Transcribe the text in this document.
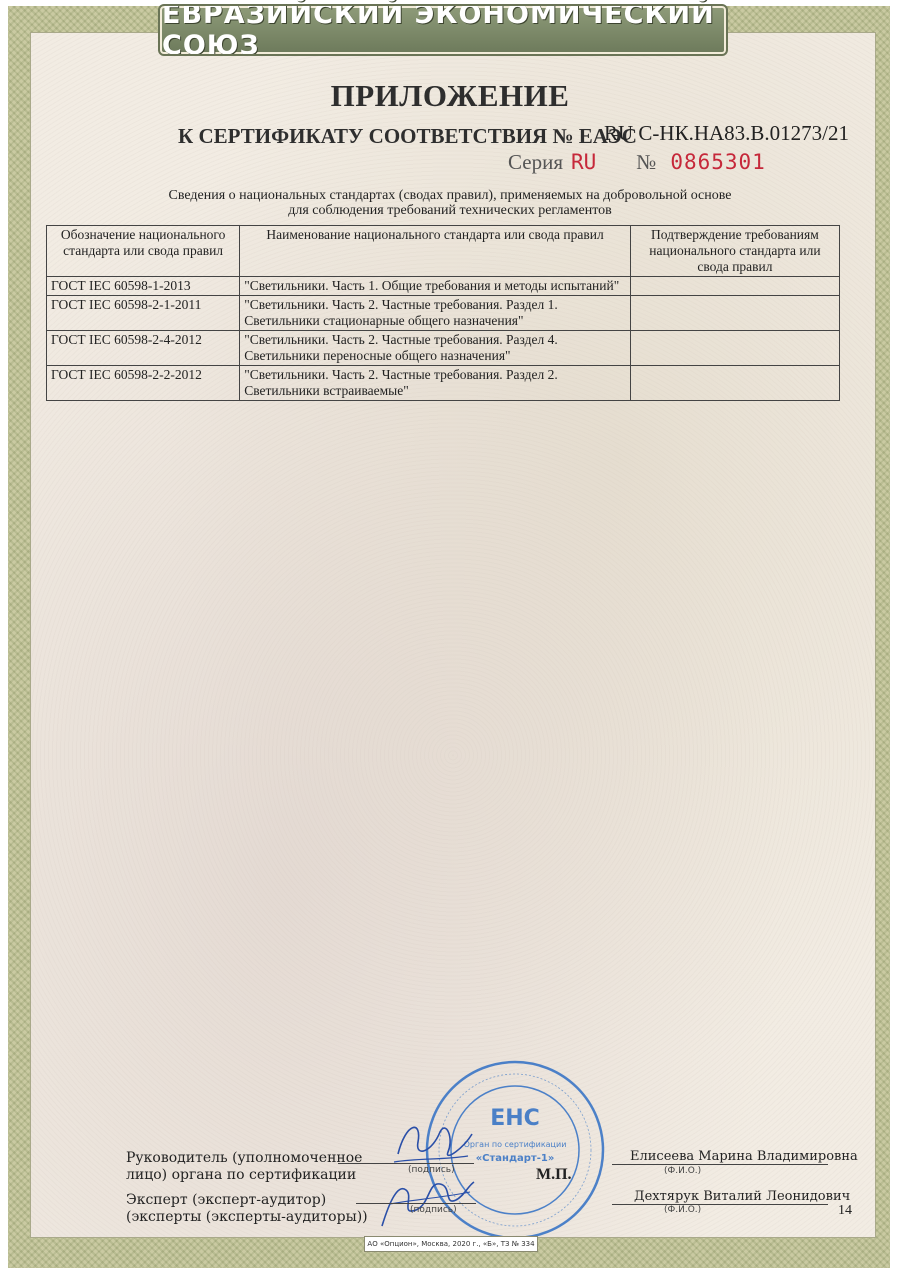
ЕВРАЗИЙСКИЙ ЭКОНОМИЧЕСКИЙ СОЮЗ
ПРИЛОЖЕНИЕ
К СЕРТИФИКАТУ СООТВЕТСТВИЯ № ЕАЭС
RU С-НК.НА83.В.01273/21
Серия RU № 0865301
Сведения о национальных стандартах (сводах правил), применяемых на добровольной основе
для соблюдения требований технических регламентов
Обозначение национального стандарта или свода правил	Наименование национального стандарта или свода правил	Подтверждение требованиям национального стандарта или свода правил
ГОСТ IEC 60598-1-2013	"Светильники. Часть 1. Общие требования и методы испытаний"	
ГОСТ IEC 60598-2-1-2011	"Светильники. Часть 2. Частные требования. Раздел 1. Светильники стационарные общего назначения"	
ГОСТ IEC 60598-2-4-2012	"Светильники. Часть 2. Частные требования. Раздел 4. Светильники переносные общего назначения"	
ГОСТ IEC 60598-2-2-2012	"Светильники. Часть 2. Частные требования. Раздел 2. Светильники встраиваемые"	
ЕНС
Орган по сертификации
«Стандарт-1»
Руководитель (уполномоченное
лицо) органа по сертификации	(подпись)	М.П.
Елисеева Марина Владимировна
(Ф.И.О.)
Эксперт (эксперт-аудитор)
(эксперты (эксперты-аудиторы))	(подпись)
Дехтярук Виталий Леонидович
(Ф.И.О.)	14
АО «Опцион», Москва, 2020 г., «Б», ТЗ № 334
